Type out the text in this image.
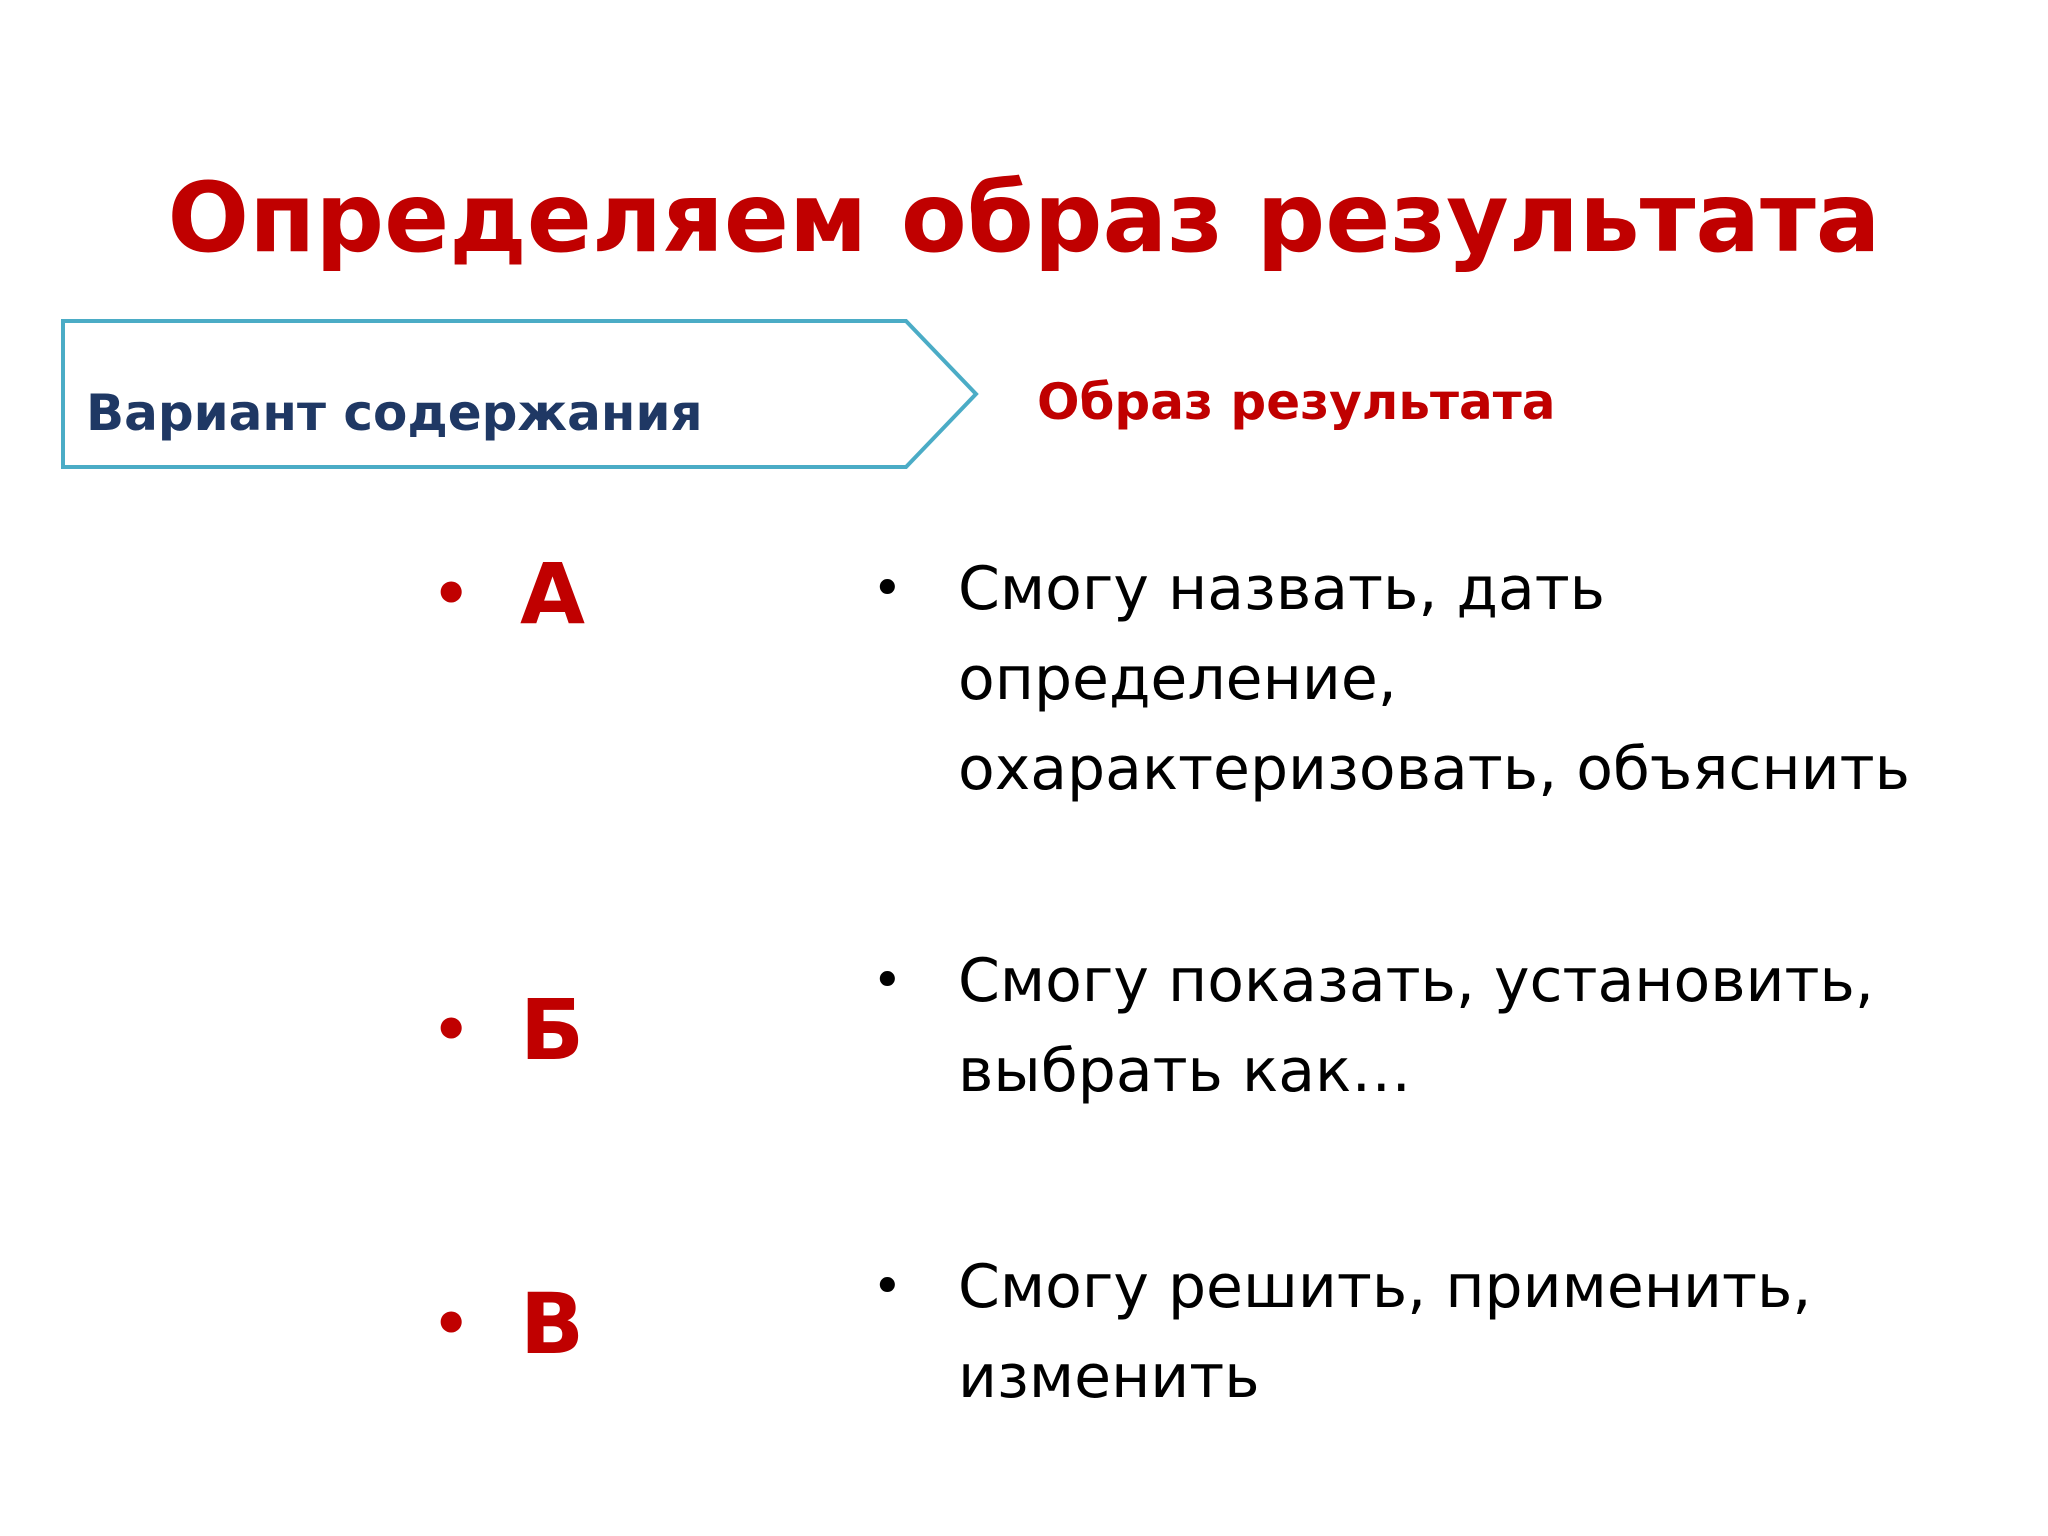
Определяем образ результата
Вариант содержания	Образ результата
• А
• Б
• В
• Смогу назвать, дать определение, охарактеризовать, объяснить
• Смогу показать, установить, выбрать как…
• Смогу решить, применить, изменить
